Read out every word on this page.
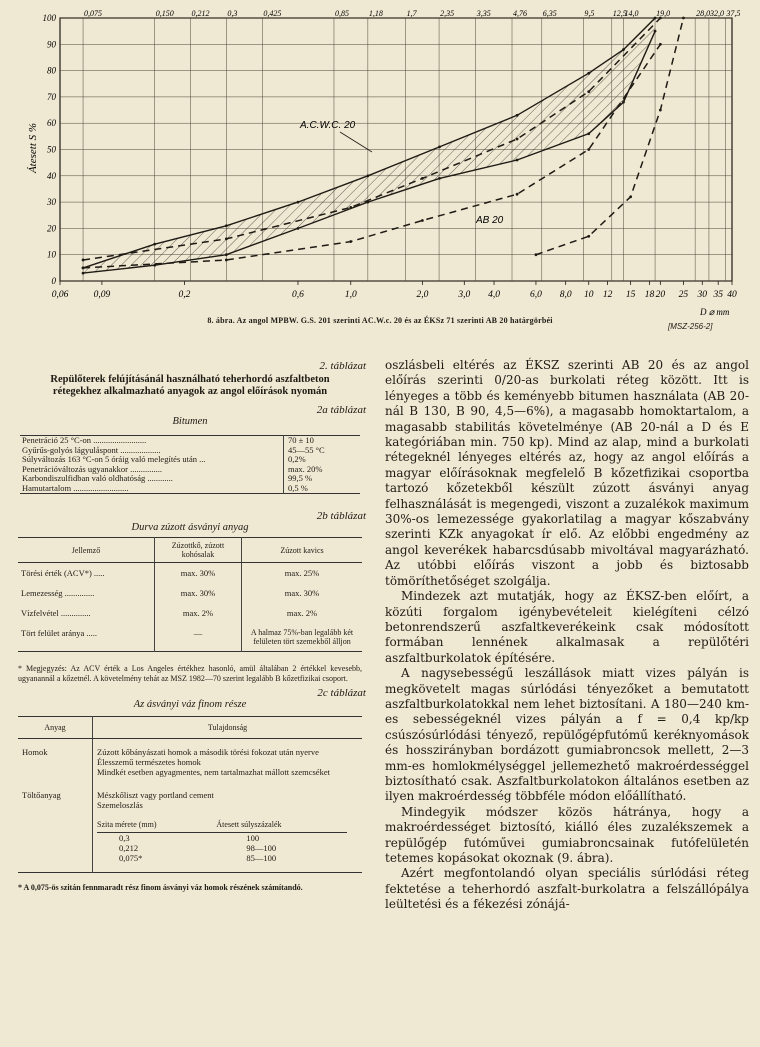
0
10
20
30
40
50
60
70
80
90
100	0,075	0,150 0,212 0,3	0,425	0,85 1,18	1,7	2,35	3,35	4,76 6,35	9,5 12,5
14,0 19,0	28,0 32,0 37,5
0,06	0,09	0,2	0,6	1,0	2,0	3,0 4,0	6,0 8,0 10 12 15 18 20 25 30 35 40
Átesett S %
D ⌀ mm
A.C.W.C. 20
AB 20
8. ábra. Az angol MPBW. G.S. 201 szerinti AC.W.c. 20 és az ÉKSz 71 szerinti AB 20 határgörbéi
[MSZ-256-2]
2. táblázat
Repülőterek felújításánál használható teherhordó aszfaltbeton rétegekhez alkalmazható anyagok az angol előírások nyomán
2a táblázat
Bitumen
Penetráció 25 °C-on .........................	70 ± 10
Gyűrűs-golyós lágyulåspont ...................	45—55 °C
Súlyváltozás 163 °C-on 5 óráig való melegítés után ...	0,2%
Penetrációváltozás ugyanakkor ...............	max. 20%
Karbondiszulfidban való oldhatóság ............	99,5 %
Hamutartalom ..........................	0,5 %
2b táblázat
Durva zúzott ásványi anyag
Jellemző	Zúzottkő, zúzott kohósalak	Zúzott kavics
Törési érték (ACV*) .....	max. 30%	max. 25%
Lemezesség ..............	max. 30%	max. 30%
Vízfelvétel ..............	max. 2%	max. 2%
Tört felület aránya .....	—	A halmaz 75%-ban legalább két felületen tört szemekből álljon
* Megjegyzés: Az ACV érték a Los Angeles értékhez hasonló, amül általában 2 értékkel kevesebb, ugyanannál a kőzetnél. A követelmény tehát az MSZ 1982—70 szerint legalább B kőzetfizikai csoport.
2c táblázat
Az ásványi váz finom része
Anyag	Tulajdonság
Homok	Zúzott kőbányászati homok a második törési fokozat után nyerve
Élesszemű természetes homok
Mindkét esetben agyagmentes, nem tartalmazhat mállott szemcséket

Töltőanyag	Mészkőliszt vagy portland cement
Szemeloszlás
Szita mérete (mm)	Átesett súlyszázalék
0,3	100
0,212	98—100
0,075*	85—100
* A 0,075-ös szitán fennmaradt rész finom ásványi váz homok részének számítandó.

oszlásbeli eltérés az ÉKSZ szerinti AB 20 és az angol előírás szerinti 0/20-as burkolati réteg között. Itt is lényeges a több és keményebb bitumen használata (AB 20-nál B 130, B 90, 4,5—6%), a magasabb homoktartalom, a magasabb stabilitás követelménye (AB 20-nál a D és E kategóriában min. 750 kp). Mind az alap, mind a burkolati rétegeknél lényeges eltérés az, hogy az angol előírás a magyar előírásoknak megfelelő B kőzetfizikai csoportba tartozó kőzetekből készült zúzott ásványi anyag felhasználását is megengedi, viszont a zuzalékok maximum 30%-os lemezessége gyakorlatilag a magyar kőszabvány szerinti KZk anyagokat ír elő. Az előbbi engedmény az angol keverékek habarcsdúsabb mivoltával magyarázható. Az utóbbi előírás viszont a jobb és biztosabb tömöríthetőséget szolgálja.

Mindezek azt mutatják, hogy az ÉKSZ-ben előírt, a közúti forgalom igénybevételeit kielégíteni célzó betonrendszerű aszfaltkeverékeink csak módosított formában lennének alkalmasak a repülőtéri aszfaltburkolatok építésére.

A nagysebességű leszállások miatt vizes pályán is megkövetelt magas súrlódási tényezőket a bemutatott aszfaltburkolatokkal nem lehet biztosítani. A 180—240 km-es sebességeknél vizes pályán a f = 0,4 kp/kp csúszósúrlódási tényező, repülőgépfutómű keréknyomások és hosszirányban bordázott gumiabroncsok mellett, 2—3 mm-es homlokmélységgel jellemezhető makroérdességgel biztosítható csak. Aszfaltburkolatokon általános esetben az ilyen makroérdesség többféle módon előállítható.

Mindegyik módszer közös hátránya, hogy a makroérdességet biztosító, kiálló éles zuzalékszemek a repülőgép futóművei gumiabroncsainak futófelületén tetemes kopásokat okoznak (9. ábra).

Azért megfontolandó olyan speciális súrlódási réteg fektetése a teherhordó aszfalt-burkolatra a felszállópálya leültetési és a fékezési zónájá-
